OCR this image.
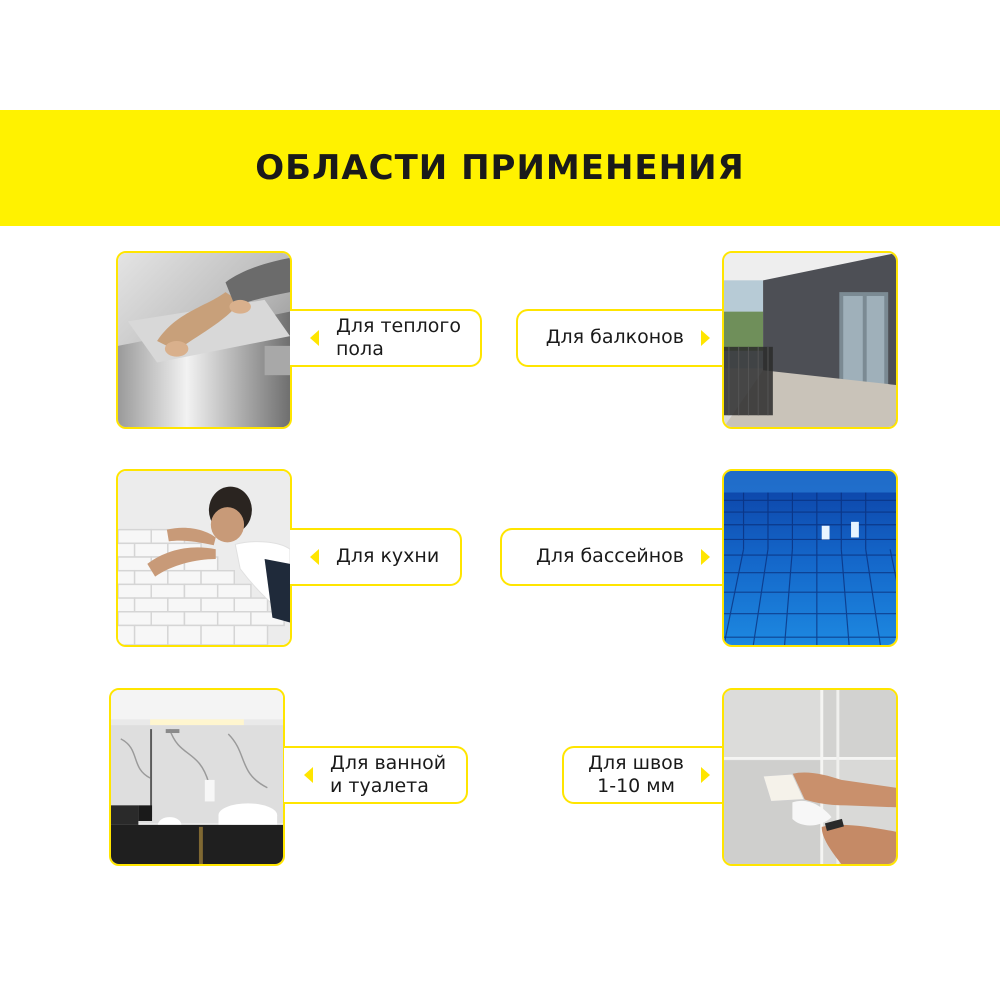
ОБЛАСТИ ПРИМЕНЕНИЯ
Для теплого
пола
Для балконов
Для кухни	Для бассейнов
Для ванной
и туалета
Для швов
1-10 мм
